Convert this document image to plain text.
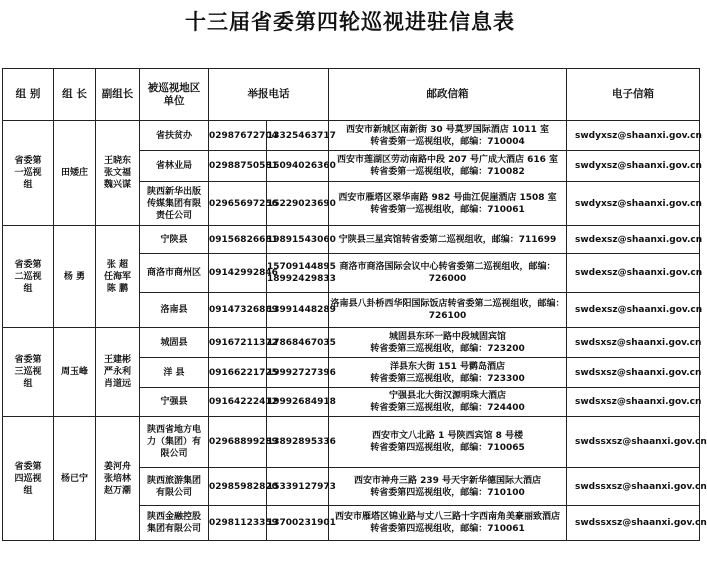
十三届省委第四轮巡视进驻信息表
组 别	组 长	副组长	被巡视地区
单位	举报电话		邮政信箱	电子信箱

省委第
一巡视
组	田矮庄	王晓东
张文福
魏兴谋	省扶贫办	02987672704	13325463717	西安市新城区南新街 30 号莫罗国际酒店 1011 室
转省委第一巡视组收，邮编：710004	swdyxsz@shaanxi.gov.cn

			省林业局	02988750581	15094026360	西安市莲湖区劳动南路中段 207 号广成大酒店 616 室
转省委第一巡视组收，邮编：710082	swdyxsz@shaanxi.gov.cn

			陕西新华出版
传媒集团有限
责任公司	02965697256	15229023690	西安市雁塔区翠华南路 982 号曲江促崖酒店 1508 室
转省委第一巡视组收，邮编：710061	swdyxsz@shaanxi.gov.cn

省委第
二巡视
组	杨 勇	张 超
任海军
陈 鹏	宁陕县	09156826681	19891543060	宁陕县三星宾馆转省委第二巡视组收，邮编：711699	swdexsz@shaanxi.gov.cn

			商洛市商州区	09142992846	15709144895
18992429833	商洛市商洛国际会议中心转省委第二巡视组收，邮编：
726000	swdexsz@shaanxi.gov.cn

			洛南县	09147326869	13991448289	洛南县八卦桥西华阳国际饭店转省委第二巡视组收，邮编：
726100	swdexsz@shaanxi.gov.cn

省委第
三巡视
组	周玉峰	王建彬
严永利
肖道远	城固县	09167211372	17868467035	城固县东环一路中段城固宾馆
转省委第三巡视组收，邮编：723200	swdsxsz@shaanxi.gov.cn

			洋 县	09166221725	19992727396	洋县东大街 151 号鹮岛酒店
转省委第三巡视组收，邮编：723300	swdsxsz@shaanxi.gov.cn

			宁强县	09164222412	19992684918	宁强县北大街汉源明珠大酒店
转省委第三巡视组收，邮编：724400	swdsxsz@shaanxi.gov.cn

省委第
四巡视
组	杨已宁	姜河舟
张培林
赵万潮	陕西省地方电
力（集团）有
限公司	02968899289	13892895336	西安市文八北路 1 号陕西宾馆 8 号楼
转省委第四巡视组收，邮编：710065	swdssxsz@shaanxi.gov.cn

			陕西旅游集团
有限公司	02985982820	15339127973	西安市神舟三路 239 号天宇新华德国际大酒店
转省委第四巡视组收，邮编：710100	swdssxsz@shaanxi.gov.cn

			陕西金融控股
集团有限公司	02981123359	13700231901	西安市雁塔区锦业路与丈八三路十字西南角美豪丽致酒店
转省委第四巡视组收，邮编：710061	swdssxsz@shaanxi.gov.cn
